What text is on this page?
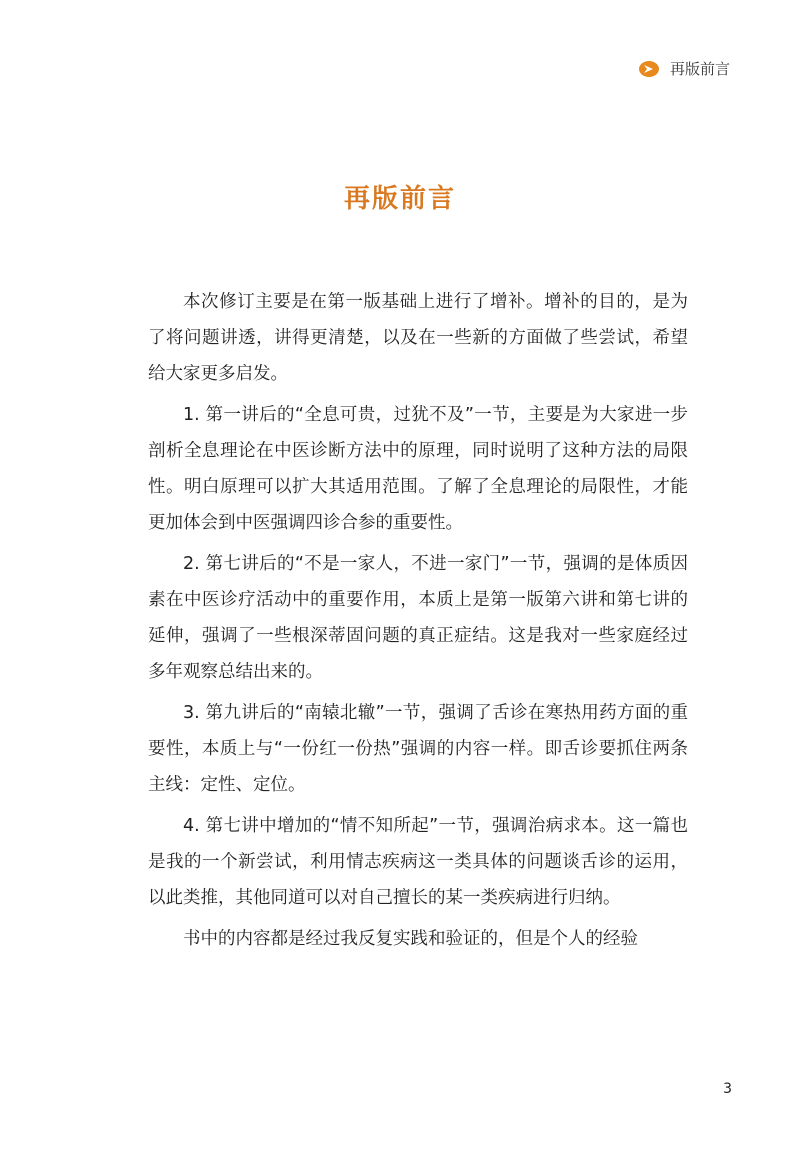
再版前言
再版前言

本次修订主要是在第一版基础上进行了增补。增补的目的，是为了将问题讲透，讲得更清楚，以及在一些新的方面做了些尝试，希望给大家更多启发。

1. 第一讲后的“全息可贵，过犹不及”一节，主要是为大家进一步剖析全息理论在中医诊断方法中的原理，同时说明了这种方法的局限性。明白原理可以扩大其适用范围。了解了全息理论的局限性，才能更加体会到中医强调四诊合参的重要性。

2. 第七讲后的“不是一家人，不进一家门”一节，强调的是体质因素在中医诊疗活动中的重要作用，本质上是第一版第六讲和第七讲的延伸，强调了一些根深蒂固问题的真正症结。这是我对一些家庭经过多年观察总结出来的。

3. 第九讲后的“南辕北辙”一节，强调了舌诊在寒热用药方面的重要性，本质上与“一份红一份热”强调的内容一样。即舌诊要抓住两条主线：定性、定位。

4. 第七讲中增加的“情不知所起”一节，强调治病求本。这一篇也是我的一个新尝试，利用情志疾病这一类具体的问题谈舌诊的运用，以此类推，其他同道可以对自己擅长的某一类疾病进行归纳。

书中的内容都是经过我反复实践和验证的，但是个人的经验

3
